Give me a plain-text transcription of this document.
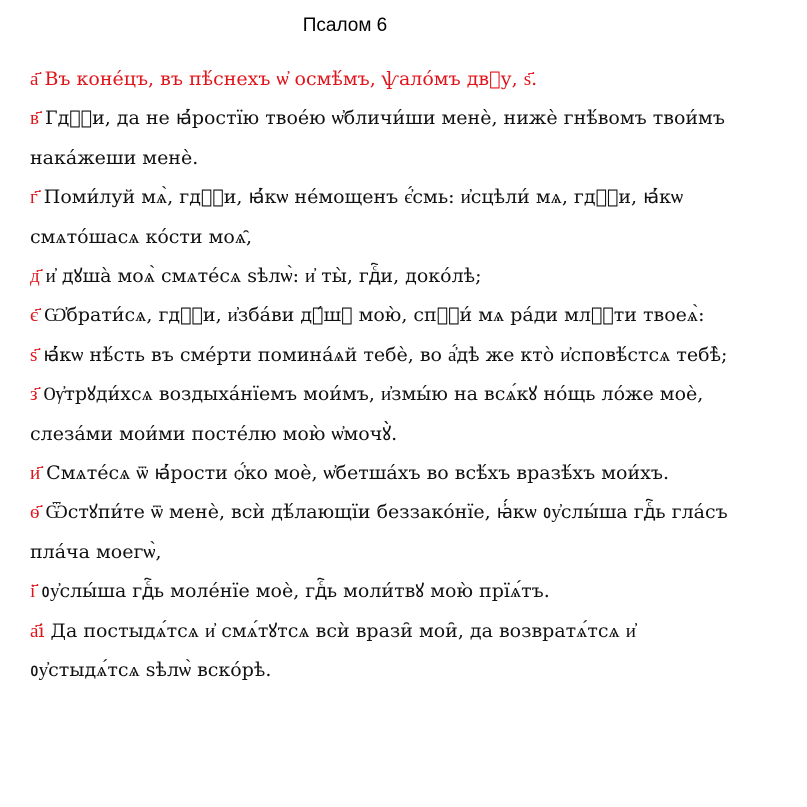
Псалом 6

а҃ Въ коне́цъ, въ пѣ́снехъ ѡ҆ осмѣ́мъ, ѱало́мъ двⷣу, ѕ҃.

в҃ Гдⷭ҇и, да не ꙗ҆́ростїю твое́ю ѡ҆бличи́ши менѐ, нижѐ гнѣ́вомъ твои́мъ нака́жеши менѐ.

г҃ Поми́луй мѧ̀, гдⷭ҇и, ꙗ҆́кѡ не́мощенъ є҆́смь: и҆сцѣли́ мѧ, гдⷭ҇и, ꙗ҆́кѡ смѧто́шасѧ ко́сти моѧ̑,

д҃ и҆ дꙋша̀ моѧ̀ смѧте́сѧ ѕѣлѡ̀: и҆ ты̀, гдⷭ҇и, доко́лѣ;

є҃ Ѡ҆брати́сѧ, гдⷭ҇и, и҆зба́ви дꙋ́шꙋ мою̀, спⷭ҇и́ мѧ ра́ди млⷭ҇ти твоеѧ̀:

ѕ҃ ꙗ҆́кѡ нѣ́сть въ сме́рти помина́ѧй тебѐ, во а҆́дѣ же кто̀ и҆сповѣ́стсѧ тебѣ̀;

з҃ Ѹ҆трꙋди́хсѧ воздыха́нїемъ мои́мъ, и҆змы́ю на всѧ́кꙋ но́щь ло́же моѐ, слеза́ми мои́ми посте́лю мою̀ ѡ҆мочꙋ̀.

и҃ Смѧте́сѧ ѿ ꙗ҆́рости ѻ҆́ко моѐ, ѡ҆бетша́хъ во всѣ́хъ вразѣ́хъ мои́хъ.

ѳ҃ Ѿстꙋпи́те ѿ менѐ, всѝ дѣ́лающїи беззако́нїе, ꙗ҆́кѡ ᲂу҆слы́ша гдⷭ҇ь гла́съ пла́ча моегѡ̀,

і҃ ᲂу҆слы́ша гдⷭ҇ь моле́нїе моѐ, гдⷭ҇ь моли́твꙋ мою̀ прїѧ́тъ.

а҃і Да постыдѧ́тсѧ и҆ смѧ́тꙋтсѧ всѝ врази̑ мои̑, да возвратѧ́тсѧ и҆ ᲂу҆стыдѧ́тсѧ ѕѣлѡ̀ вско́рѣ.
